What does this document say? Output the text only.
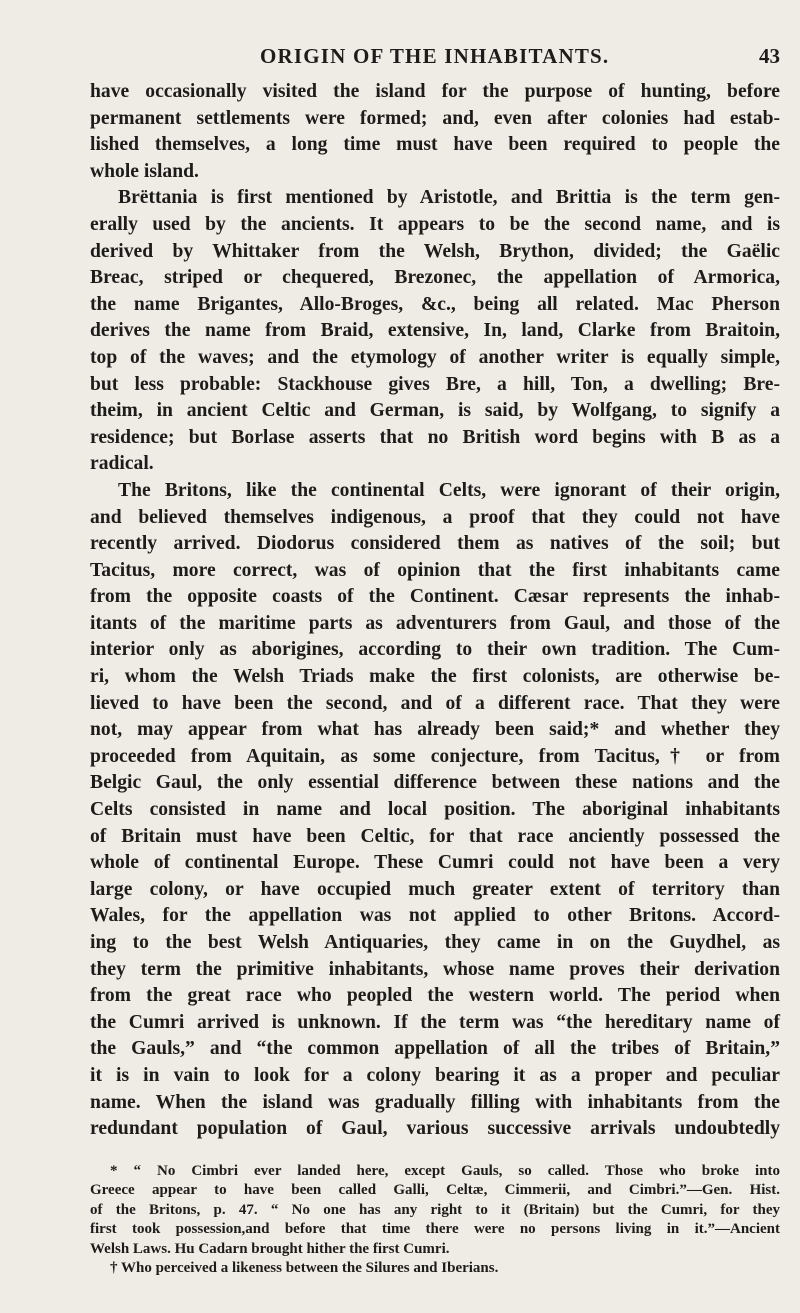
ORIGIN OF THE INHABITANTS.	43
have occasionally visited the island for the purpose of hunting, before
permanent settlements were formed; and, even after colonies had estab-
lished themselves, a long time must have been required to people the
whole island.
Brëttania is first mentioned by Aristotle, and Brittia is the term gen-
erally used by the ancients. It appears to be the second name, and is
derived by Whittaker from the Welsh, Brython, divided; the Gaëlic
Breac, striped or chequered, Brezonec, the appellation of Armorica,
the name Brigantes, Allo-Broges, &c., being all related. Mac Pherson
derives the name from Braid, extensive, In, land, Clarke from Braitoin,
top of the waves; and the etymology of another writer is equally simple,
but less probable: Stackhouse gives Bre, a hill, Ton, a dwelling; Bre-
theim, in ancient Celtic and German, is said, by Wolfgang, to signify a
residence; but Borlase asserts that no British word begins with B as a
radical.
The Britons, like the continental Celts, were ignorant of their origin,
and believed themselves indigenous, a proof that they could not have
recently arrived. Diodorus considered them as natives of the soil; but
Tacitus, more correct, was of opinion that the first inhabitants came
from the opposite coasts of the Continent. Cæsar represents the inhab-
itants of the maritime parts as adventurers from Gaul, and those of the
interior only as aborigines, according to their own tradition. The Cum-
ri, whom the Welsh Triads make the first colonists, are otherwise be-
lieved to have been the second, and of a different race. That they were
not, may appear from what has already been said;* and whether they
proceeded from Aquitain, as some conjecture, from Tacitus,† or from
Belgic Gaul, the only essential difference between these nations and the
Celts consisted in name and local position. The aboriginal inhabitants
of Britain must have been Celtic, for that race anciently possessed the
whole of continental Europe. These Cumri could not have been a very
large colony, or have occupied much greater extent of territory than
Wales, for the appellation was not applied to other Britons. Accord-
ing to the best Welsh Antiquaries, they came in on the Guydhel, as
they term the primitive inhabitants, whose name proves their derivation
from the great race who peopled the western world. The period when
the Cumri arrived is unknown. If the term was “the hereditary name of
the Gauls,” and “the common appellation of all the tribes of Britain,”
it is in vain to look for a colony bearing it as a proper and peculiar
name. When the island was gradually filling with inhabitants from the
redundant population of Gaul, various successive arrivals undoubtedly
* “ No Cimbri ever landed here, except Gauls, so called. Those who broke into
Greece appear to have been called Galli, Celtæ, Cimmerii, and Cimbri.”—Gen. Hist.
of the Britons, p. 47. “ No one has any right to it (Britain) but the Cumri, for they
first took possession,and before that time there were no persons living in it.”—Ancient
Welsh Laws. Hu Cadarn brought hither the first Cumri.
† Who perceived a likeness between the Silures and Iberians.
